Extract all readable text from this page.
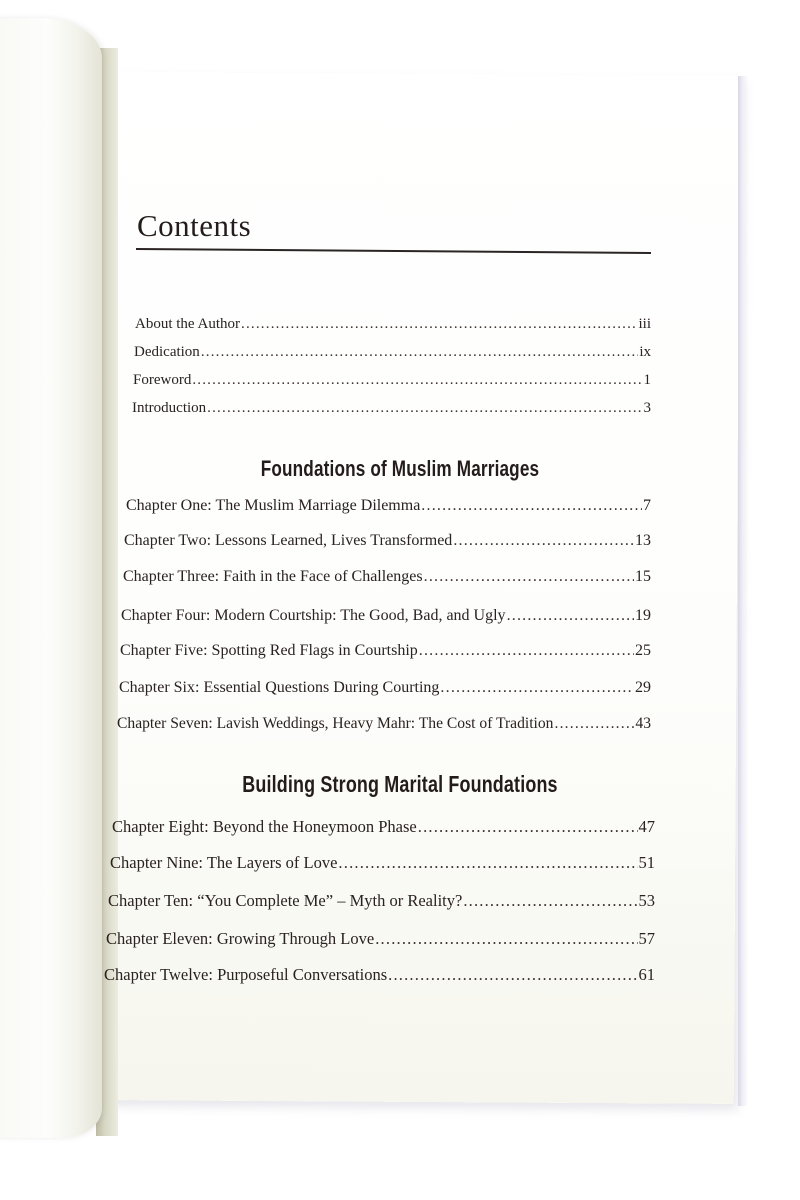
Contents
About the Author .....	iii
Dedication .....	ix
Foreword .....	1
Introduction .....	3
Foundations of Muslim Marriages
Chapter One: The Muslim Marriage Dilemma .....	7
Chapter Two: Lessons Learned, Lives Transformed .....	13
Chapter Three: Faith in the Face of Challenges .....	15
Chapter Four: Modern Courtship: The Good, Bad, and Ugly .....	19
Chapter Five: Spotting Red Flags in Courtship .....	25
Chapter Six: Essential Questions During Courting .....	29
Chapter Seven: Lavish Weddings, Heavy Mahr: The Cost of Tradition .....	43
Building Strong Marital Foundations
Chapter Eight: Beyond the Honeymoon Phase .....	47
Chapter Nine: The Layers of Love .....	51
Chapter Ten: “You Complete Me” – Myth or Reality? .....	53
Chapter Eleven: Growing Through Love .....	57
Chapter Twelve: Purposeful Conversations .....	61
